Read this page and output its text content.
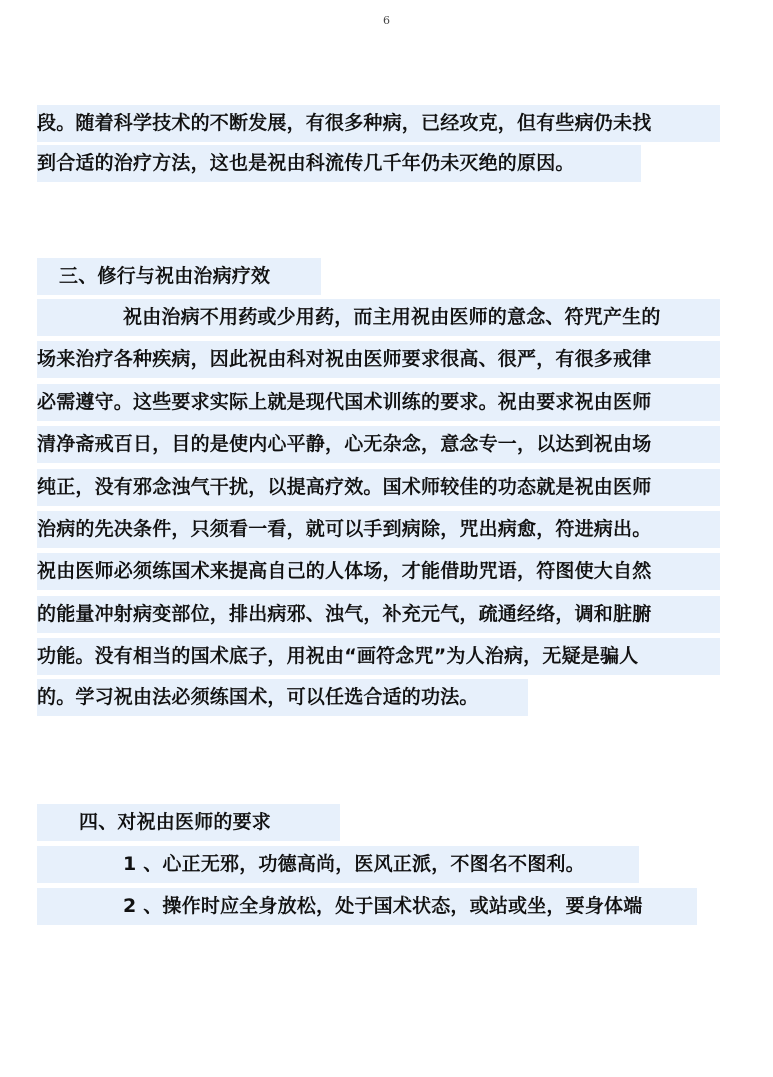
6
段。随着科学技术的不断发展，有很多种病，已经攻克，但有些病仍未找
到合适的治疗方法，这也是祝由科流传几千年仍未灭绝的原因。
三、修行与祝由治病疗效
祝由治病不用药或少用药，而主用祝由医师的意念、符咒产生的
场来治疗各种疾病，因此祝由科对祝由医师要求很高、很严，有很多戒律
必需遵守。这些要求实际上就是现代国术训练的要求。祝由要求祝由医师
清净斋戒百日，目的是使内心平静，心无杂念，意念专一，以达到祝由场
纯正，没有邪念浊气干扰，以提高疗效。国术师较佳的功态就是祝由医师
治病的先决条件，只须看一看，就可以手到病除，咒出病愈，符进病出。
祝由医师必须练国术来提高自己的人体场，才能借助咒语，符图使大自然
的能量冲射病变部位，排出病邪、浊气，补充元气，疏通经络，调和脏腑
功能。没有相当的国术底子，用祝由“画符念咒”为人治病，无疑是骗人
的。学习祝由法必须练国术，可以任选合适的功法。
四、对祝由医师的要求
1 、心正无邪，功德高尚，医风正派，不图名不图利。
2 、操作时应全身放松，处于国术状态，或站或坐，要身体端
